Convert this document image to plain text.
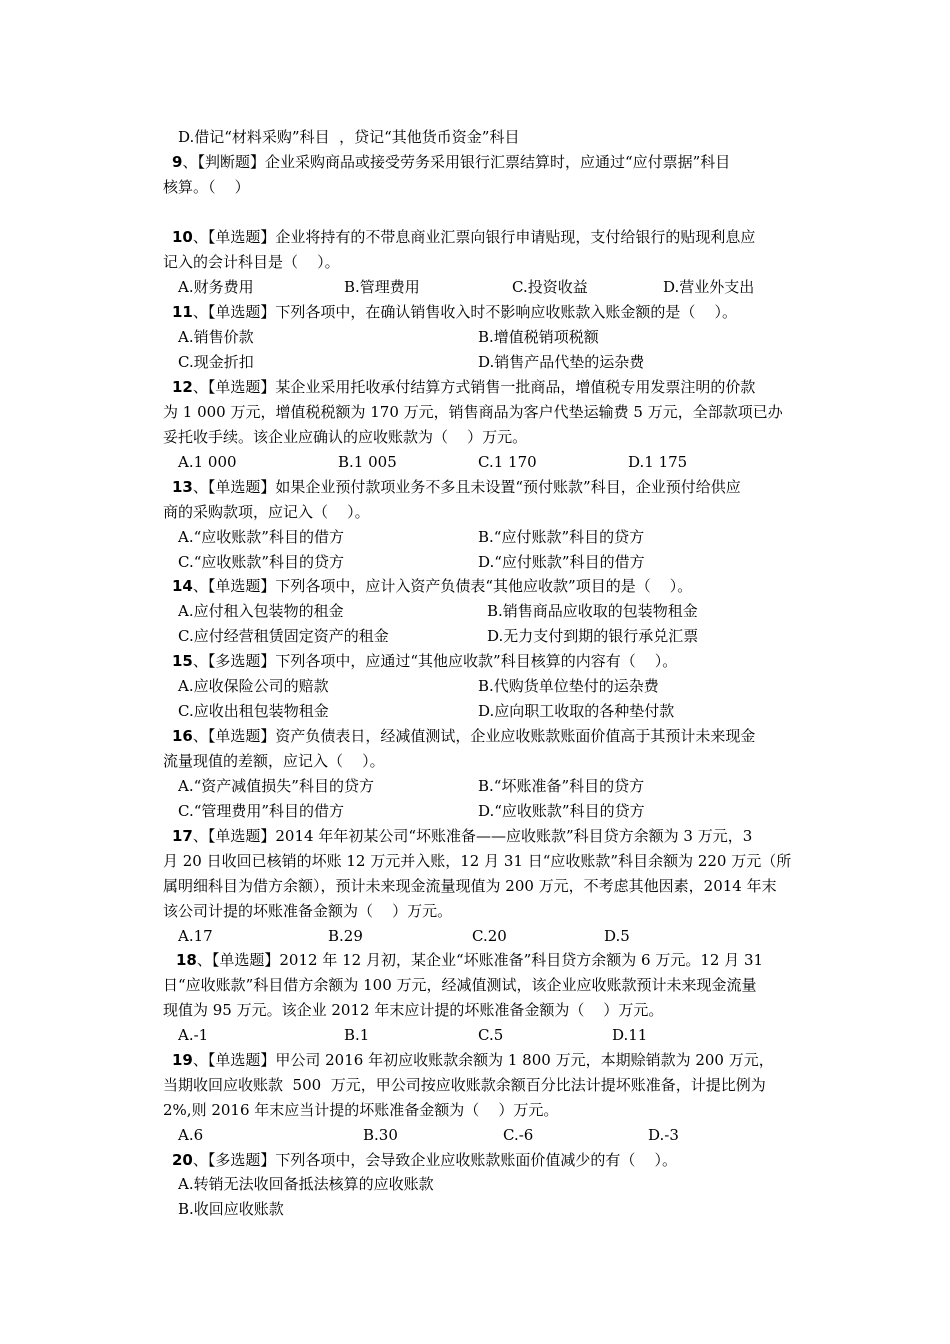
D.借记“材料采购”科目  ，贷记“其他货币资金”科目
9、【判断题】企业采购商品或接受劳务采用银行汇票结算时，应通过“应付票据”科目
核算。（    ）
10、【单选题】企业将持有的不带息商业汇票向银行申请贴现，支付给银行的贴现利息应
记入的会计科目是（    ）。
A.财务费用	B.管理费用	C.投资收益	D.营业外支出
11、【单选题】下列各项中，在确认销售收入时不影响应收账款入账金额的是（    ）。
A.销售价款	B.增值税销项税额
C.现金折扣	D.销售产品代垫的运杂费
12、【单选题】某企业采用托收承付结算方式销售一批商品，增值税专用发票注明的价款
为 1 000 万元，增值税税额为 170 万元，销售商品为客户代垫运输费 5 万元，全部款项已办
妥托收手续。该企业应确认的应收账款为（    ）万元。
A.1 000	B.1 005	C.1 170	D.1 175
13、【单选题】如果企业预付款项业务不多且未设置“预付账款”科目，企业预付给供应
商的采购款项，应记入（    ）。
A.“应收账款”科目的借方	B.“应付账款”科目的贷方
C.“应收账款”科目的贷方	D.“应付账款”科目的借方
14、【单选题】下列各项中，应计入资产负债表“其他应收款”项目的是（    ）。
A.应付租入包装物的租金	B.销售商品应收取的包装物租金
C.应付经营租赁固定资产的租金	D.无力支付到期的银行承兑汇票
15、【多选题】下列各项中，应通过“其他应收款”科目核算的内容有（    ）。
A.应收保险公司的赔款	B.代购货单位垫付的运杂费
C.应收出租包装物租金	D.应向职工收取的各种垫付款
16、【单选题】资产负债表日，经减值测试，企业应收账款账面价值高于其预计未来现金
流量现值的差额，应记入（    ）。
A.“资产减值损失”科目的贷方	B.“坏账准备”科目的贷方
C.“管理费用”科目的借方	D.“应收账款”科目的贷方
17、【单选题】2014 年年初某公司“坏账准备——应收账款”科目贷方余额为 3 万元，3
月 20 日收回已核销的坏账 12 万元并入账，12 月 31 日“应收账款”科目余额为 220 万元（所
属明细科目为借方余额），预计未来现金流量现值为 200 万元，不考虑其他因素，2014 年末
该公司计提的坏账准备金额为（    ）万元。
A.17	B.29	C.20	D.5
18、【单选题】2012 年 12 月初，某企业“坏账准备”科目贷方余额为 6 万元。12 月 31
日“应收账款”科目借方余额为 100 万元，经减值测试，该企业应收账款预计未来现金流量
现值为 95 万元。该企业 2012 年末应计提的坏账准备金额为（    ）万元。
A.-1	B.1	C.5	D.11
19、【单选题】甲公司 2016 年初应收账款余额为 1 800 万元，本期赊销款为 200 万元，
当期收回应收账款  500  万元，甲公司按应收账款余额百分比法计提坏账准备，计提比例为
2%,则 2016 年末应当计提的坏账准备金额为（    ）万元。
A.6	B.30	C.-6	D.-3
20、【多选题】下列各项中，会导致企业应收账款账面价值减少的有（    ）。
A.转销无法收回备抵法核算的应收账款
B.收回应收账款
